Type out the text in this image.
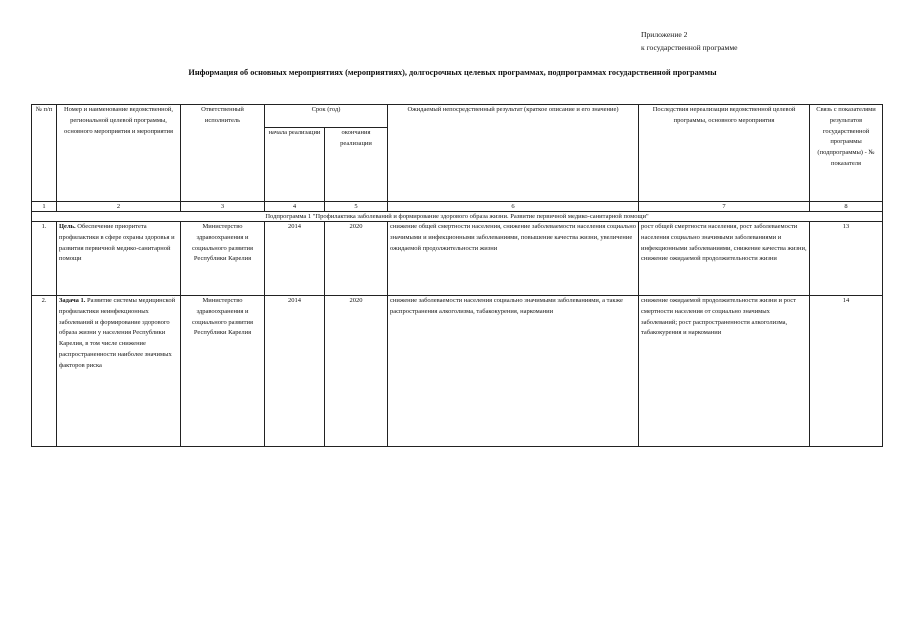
Приложение 2
к государственной программе
Информация об основных мероприятиях (мероприятиях), долгосрочных целевых программах, подпрограммах государственной программы
№ п/п	Номер и наименование ведомственной, региональной целевой программы, основного мероприятия и мероприятия	Ответственный исполнитель	Срок (год)		Ожидаемый непосредственный результат (краткое описание и его значение)	Последствия нереализации ведомственной целевой программы, основного мероприятия	Связь с показателями результатов государственной программы (подпрограммы) - № показателя
			начала реализации	окончания реализации			
1	2	3	4	5	6	7	8
Подпрограмма 1 "Профилактика заболеваний и формирование здорового образа жизни. Развитие первичной медико-санитарной помощи"							
1.	Цель. Обеспечение приоритета профилактики в сфере охраны здоровья и развития первичной медико-санитарной помощи	Министерство здравоохранения и социального развития Республики Карелия	2014	2020	снижение общей смертности населения, снижение заболеваемости населения социально значимыми и инфекционными заболеваниями, повышение качества жизни, увеличение ожидаемой продолжительности жизни	рост общей смертности населения, рост заболеваемости населения социально значимыми заболеваниями и инфекционными заболеваниями, снижение качества жизни, снижение ожидаемой продолжительности жизни	13
2.	Задача 1. Развитие системы медицинской профилактики неинфекционных заболеваний и формирование здорового образа жизни у населения Республики Карелия, в том числе снижение распространенности наиболее значимых факторов риска	Министерство здравоохранения и социального развития Республики Карелия	2014	2020	снижение заболеваемости населения социально значимыми заболеваниями, а также распространения алкоголизма, табакокурения, наркомании	снижение ожидаемой продолжительности жизни и рост смертности населения от социально значимых заболеваний; рост распространенности алкоголизма, табакокурения и наркомании	14
